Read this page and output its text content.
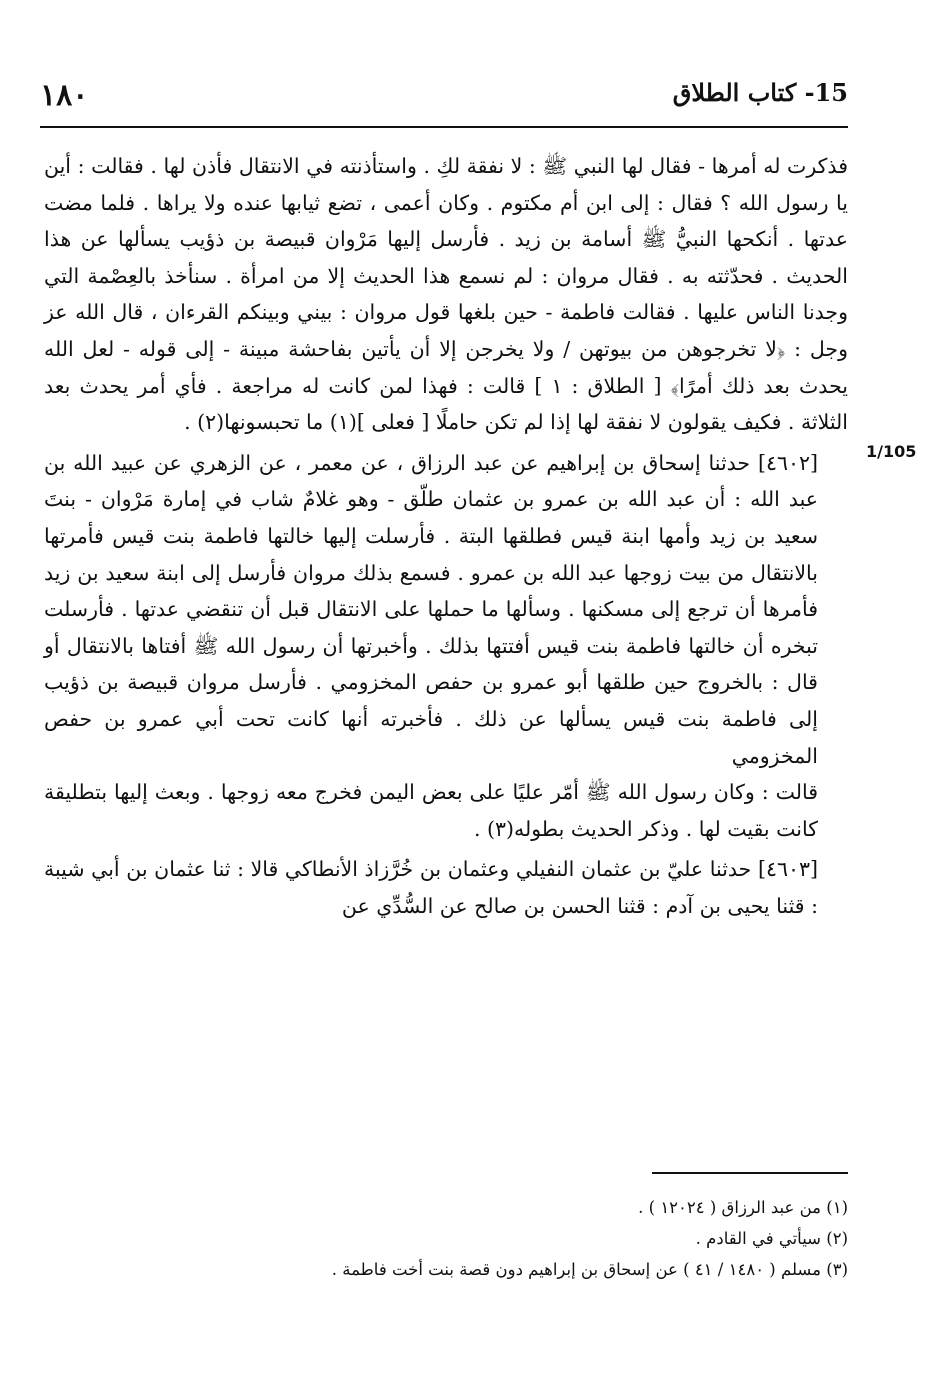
١٨٠	15- كتاب الطلاق
1/105

فذكرت له أمرها - فقال لها النبي ﷺ : لا نفقة لكِ . واستأذنته في الانتقال فأذن لها . فقالت : أين يا رسول الله ؟ فقال : إلى ابن أم مكتوم . وكان أعمى ، تضع ثيابها عنده ولا يراها . فلما مضت عدتها . أنكحها النبيُّ ﷺ أسامة بن زيد . فأرسل إليها مَرْوان قبيصة بن ذؤيب يسألها عن هذا الحديث . فحدّثته به . فقال مروان : لم نسمع هذا الحديث إلا من امرأة . سنأخذ بالعِصْمة التي وجدنا الناس عليها . فقالت فاطمة - حين بلغها قول مروان : بيني وبينكم القرءان ، قال الله عز وجل : ﴿لا تخرجوهن من بيوتهن / ولا يخرجن إلا أن يأتين بفاحشة مبينة - إلى قوله - لعل الله يحدث بعد ذلك أمرًا﴾ [ الطلاق : ١ ] قالت : فهذا لمن كانت له مراجعة . فأي أمر يحدث بعد الثلاثة . فكيف يقولون لا نفقة لها إذا لم تكن حاملًا [ فعلى ](١) ما تحبسونها(٢) .

[٤٦٠٢] حدثنا إسحاق بن إبراهيم عن عبد الرزاق ، عن معمر ، عن الزهري عن عبيد الله بن عبد الله : أن عبد الله بن عمرو بن عثمان طلّق - وهو غلامٌ شاب في إمارة مَرْوان - بنتَ سعيد بن زيد وأمها ابنة قيس فطلقها البتة . فأرسلت إليها خالتها فاطمة بنت قيس فأمرتها بالانتقال من بيت زوجها عبد الله بن عمرو . فسمع بذلك مروان فأرسل إلى ابنة سعيد بن زيد فأمرها أن ترجع إلى مسكنها . وسألها ما حملها على الانتقال قبل أن تنقضي عدتها . فأرسلت تبخره أن خالتها فاطمة بنت قيس أفتتها بذلك . وأخبرتها أن رسول الله ﷺ أفتاها بالانتقال أو قال : بالخروج حين طلقها أبو عمرو بن حفص المخزومي . فأرسل مروان قبيصة بن ذؤيب إلى فاطمة بنت قيس يسألها عن ذلك . فأخبرته أنها كانت تحت أبي عمرو بن حفص المخزومي

قالت : وكان رسول الله ﷺ أمّر عليًا على بعض اليمن فخرج معه زوجها . وبعث إليها بتطليقة كانت بقيت لها . وذكر الحديث بطوله(٣) .

[٤٦٠٣] حدثنا عليّ بن عثمان النفيلي وعثمان بن خُرَّزاذ الأنطاكي قالا : ثنا عثمان بن أبي شيبة : قثنا يحيى بن آدم : قثنا الحسن بن صالح عن السُّدِّي عن

(١) من عبد الرزاق ( ١٢٠٢٤ ) .

(٢) سيأتي في القادم .

(٣) مسلم ( ١٤٨٠ / ٤١ ) عن إسحاق بن إبراهيم دون قصة بنت أخت فاطمة .
